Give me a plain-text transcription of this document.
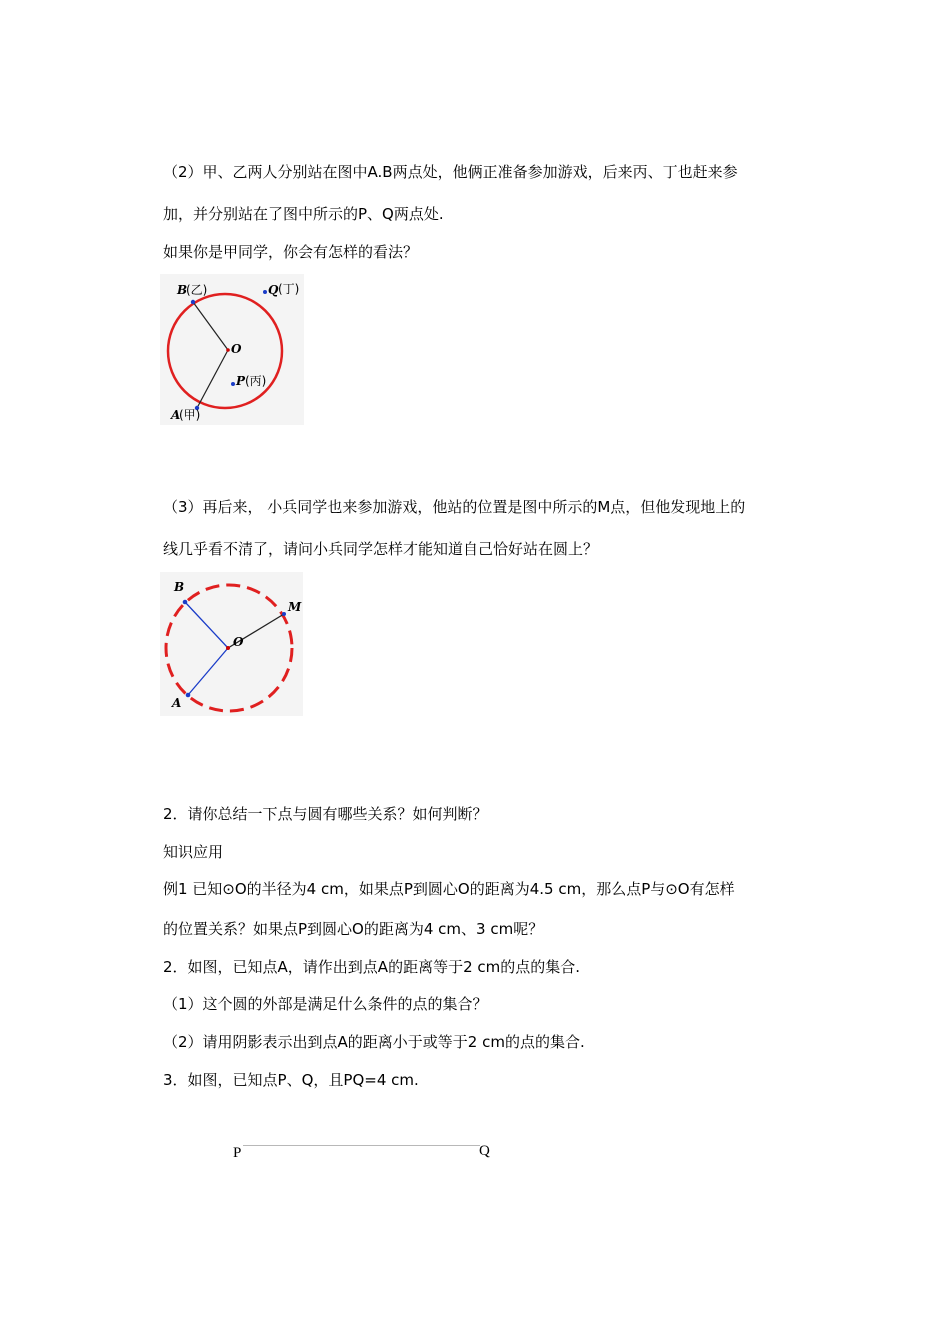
（2）甲、乙两人分别站在图中A.B两点处，他俩正准备参加游戏，后来丙、丁也赶来参
加，并分别站在了图中所示的P、Q两点处.
如果你是甲同学，你会有怎样的看法？
B
(乙)	Q (丁)
O
P (丙)
A
(甲)
（3）再后来， 小兵同学也来参加游戏，他站的位置是图中所示的M点，但他发现地上的
线几乎看不清了，请问小兵同学怎样才能知道自己恰好站在圆上？
B
M
O
A
2．请你总结一下点与圆有哪些关系？如何判断？
知识应用
例1 已知⊙O的半径为4 cm，如果点P到圆心O的距离为4.5 cm，那么点P与⊙O有怎样
的位置关系？如果点P到圆心O的距离为4 cm、3 cm呢？
2．如图，已知点A，请作出到点A的距离等于2 cm的点的集合.
（1）这个圆的外部是满足什么条件的点的集合？
（2）请用阴影表示出到点A的距离小于或等于2 cm的点的集合.
3．如图，已知点P、Q，且PQ=4 cm.
P	Q
